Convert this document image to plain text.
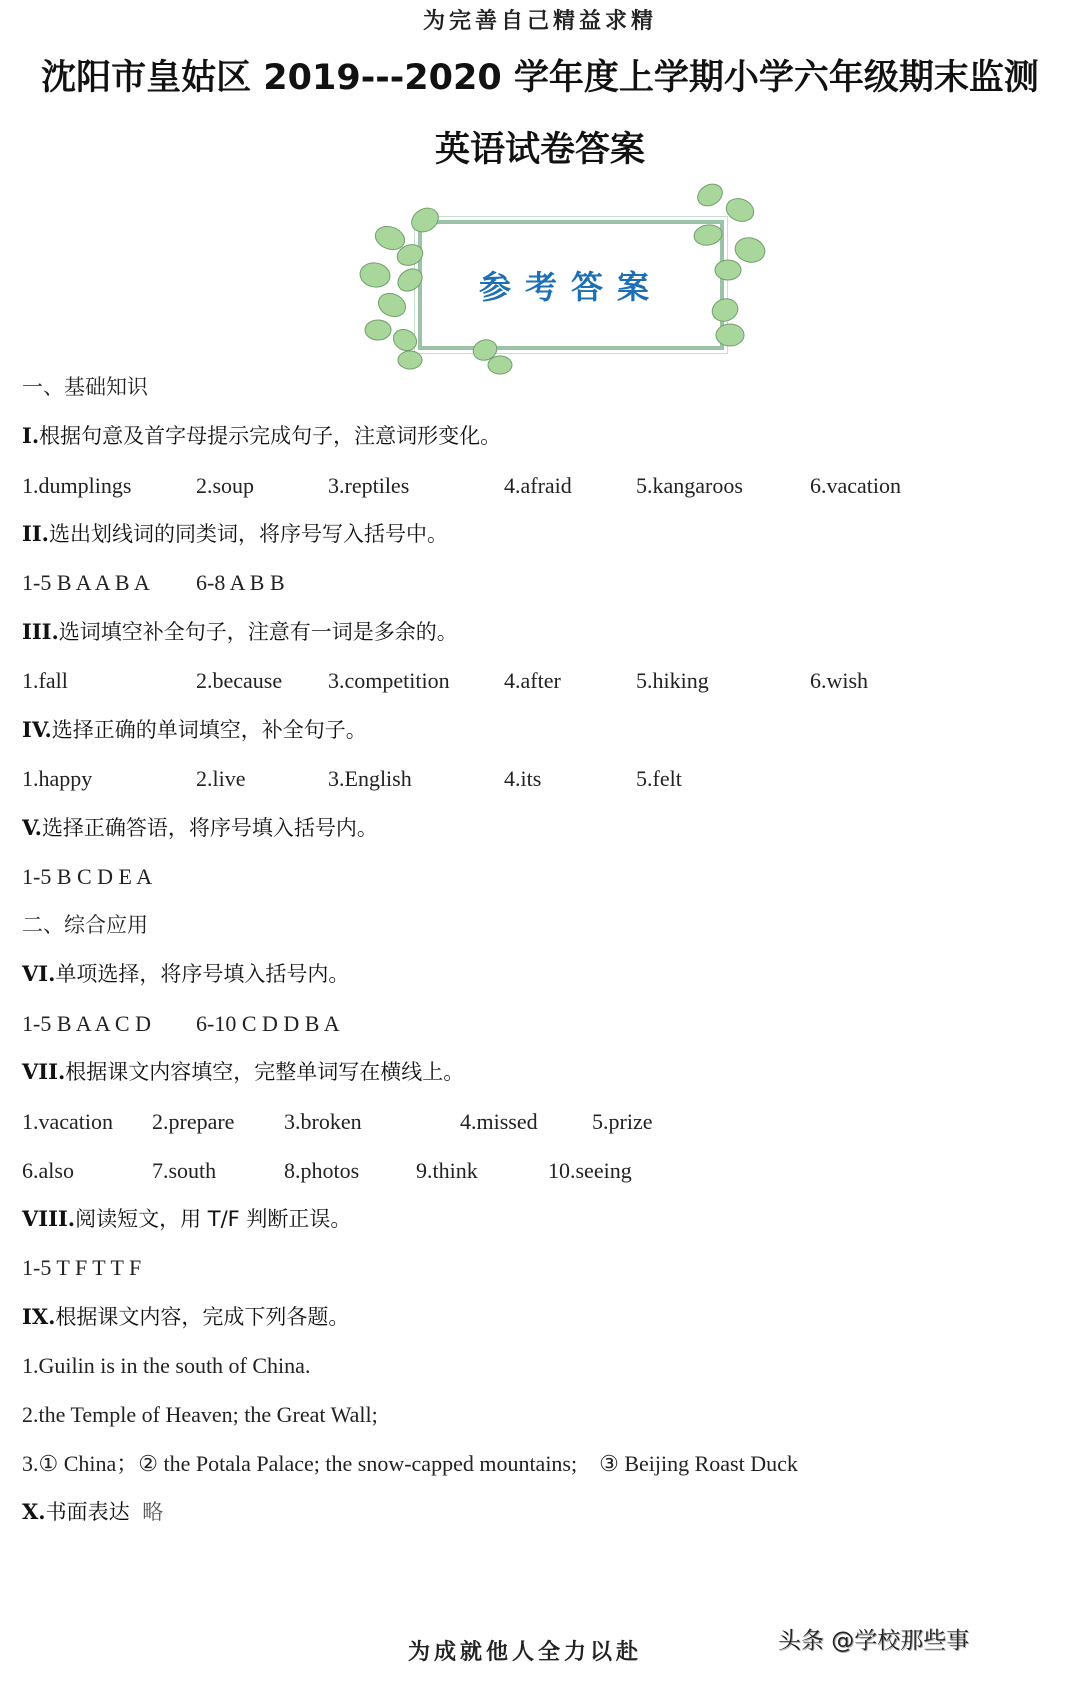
为完善自己精益求精
沈阳市皇姑区 2019---2020 学年度上学期小学六年级期末监测
英语试卷答案
参考答案
一、基础知识
I.根据句意及首字母提示完成句子，注意词形变化。
1.dumplings	2.soup	3.reptiles	4.afraid	5.kangaroos	6.vacation
II.选出划线词的同类词，将序号写入括号中。
1-5 B A A B A 6-8 A B B
III.选词填空补全句子，注意有一词是多余的。
1.fall	2.because 3.competition 4.after	5.hiking	6.wish
IV.选择正确的单词填空，补全句子。
1.happy	2.live	3.English	4.its	5.felt
V.选择正确答语，将序号填入括号内。
1-5 B C D E A
二、综合应用
VI.单项选择，将序号填入括号内。
1-5 B A A C D 6-10 C D D B A
VII.根据课文内容填空，完整单词写在横线上。
1.vacation 2.prepare 3.broken	4.missed 5.prize
6.also	7.south	8.photos	9.think	10.seeing
VIII.阅读短文，用 T/F 判断正误。
1-5 T F T T F
IX.根据课文内容，完成下列各题。
1.Guilin is in the south of China.
2.the Temple of Heaven; the Great Wall;
3.① China；② the Potala Palace; the snow-capped mountains;    ③ Beijing Roast Duck
X.书面表达 略
头条 @学校那些事
为成就他人全力以赴
